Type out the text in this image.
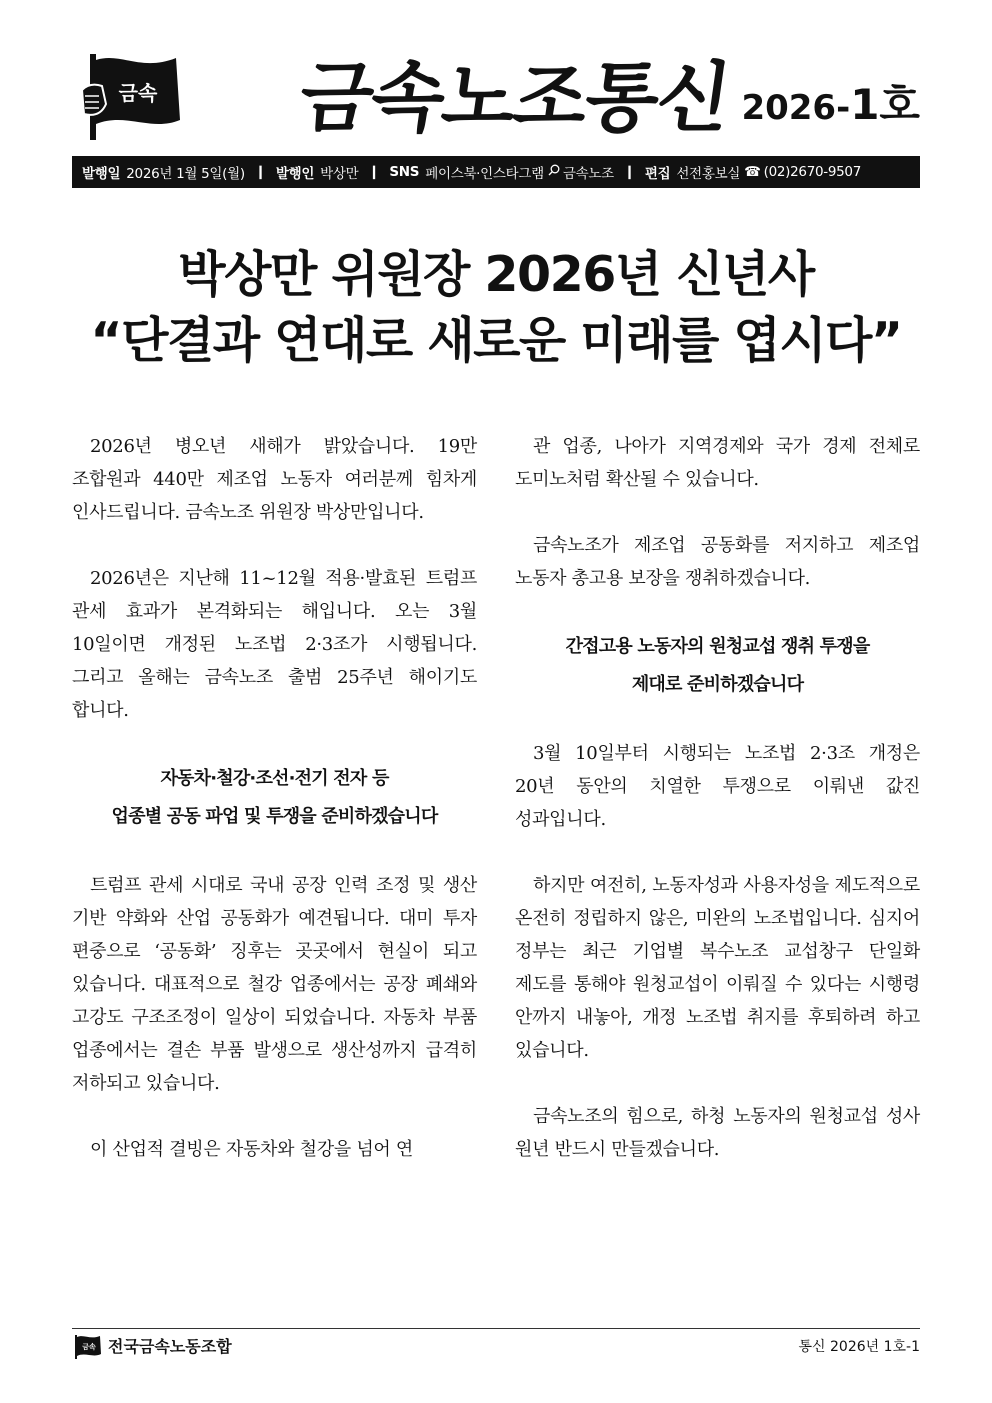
금속 금속노조통신 2026-1호
발행일 2026년 1월 5일(월) ❙ 발행인 박상만 ❙ SNS 페이스북·인스타그램 금속노조 ❙ 편집 선전홍보실 ☎ (02)2670-9507
박상만 위원장 2026년 신년사
“단결과 연대로 새로운 미래를 엽시다”

2026년 병오년 새해가 밝았습니다. 19만 조합원과 440만 제조업 노동자 여러분께 힘차게 인사드립니다. 금속노조 위원장 박상만입니다.

2026년은 지난해 11~12월 적용·발효된 트럼프 관세 효과가 본격화되는 해입니다. 오는 3월 10일이면 개정된 노조법 2·3조가 시행됩니다. 그리고 올해는 금속노조 출범 25주년 해이기도 합니다.

자동차·철강·조선·전기 전자 등

업종별 공동 파업 및 투쟁을 준비하겠습니다

트럼프 관세 시대로 국내 공장 인력 조정 및 생산 기반 약화와 산업 공동화가 예견됩니다. 대미 투자 편중으로 ‘공동화’ 징후는 곳곳에서 현실이 되고 있습니다. 대표적으로 철강 업종에서는 공장 폐쇄와 고강도 구조조정이 일상이 되었습니다. 자동차 부품 업종에서는 결손 부품 발생으로 생산성까지 급격히 저하되고 있습니다.

이 산업적 결빙은 자동차와 철강을 넘어 연

관 업종, 나아가 지역경제와 국가 경제 전체로 도미노처럼 확산될 수 있습니다.

금속노조가 제조업 공동화를 저지하고 제조업 노동자 총고용 보장을 쟁취하겠습니다.

간접고용 노동자의 원청교섭 쟁취 투쟁을

제대로 준비하겠습니다

3월 10일부터 시행되는 노조법 2·3조 개정은 20년 동안의 치열한 투쟁으로 이뤄낸 값진 성과입니다.

하지만 여전히, 노동자성과 사용자성을 제도적으로 온전히 정립하지 않은, 미완의 노조법입니다. 심지어 정부는 최근 기업별 복수노조 교섭창구 단일화 제도를 통해야 원청교섭이 이뤄질 수 있다는 시행령 안까지 내놓아, 개정 노조법 취지를 후퇴하려 하고 있습니다.

금속노조의 힘으로, 하청 노동자의 원청교섭 성사 원년 반드시 만들겠습니다.

금속 전국금속노동조합	통신 2026년 1호-1
